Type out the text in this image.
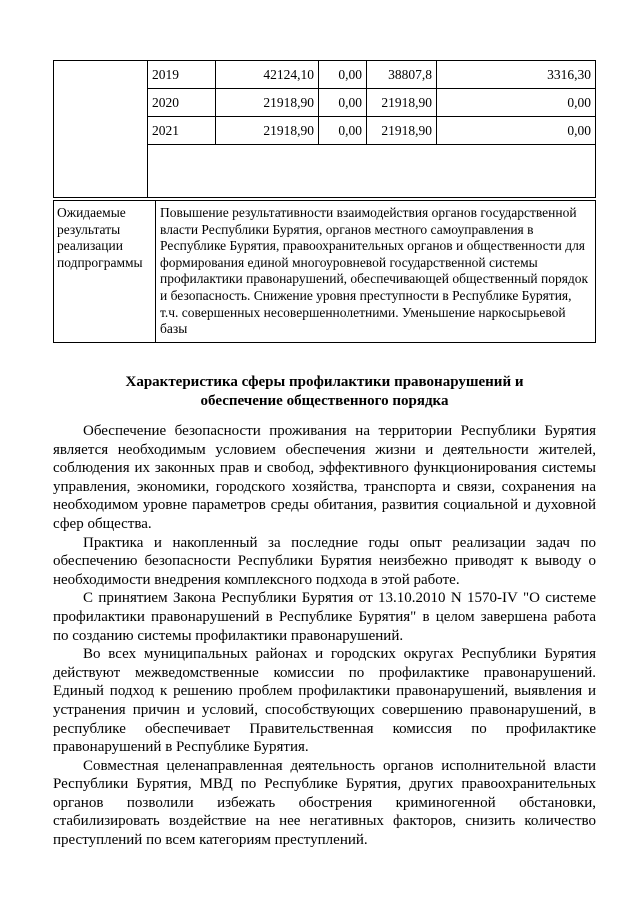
	2019	42124,10	0,00	38807,8	3316,30
	2020	21918,90	0,00	21918,90	0,00
	2021	21918,90	0,00	21918,90	0,00

Ожидаемые результаты реализации подпрограммы	Повышение результативности взаимодействия органов государственной власти Республики Бурятия, органов местного самоуправления в Республике Бурятия, правоохранительных органов и общественности для формирования единой многоуровневой государственной системы профилактики правонарушений, обеспечивающей общественный порядок и безопасность. Снижение уровня преступности в Республике Бурятия, т.ч. совершенных несовершеннолетними. Уменьшение наркосырьевой базы
Характеристика сферы профилактики правонарушений и
обеспечение общественного порядка

Обеспечение безопасности проживания на территории Республики Бурятия является необходимым условием обеспечения жизни и деятельности жителей, соблюдения их законных прав и свобод, эффективного функционирования системы управления, экономики, городского хозяйства, транспорта и связи, сохранения на необходимом уровне параметров среды обитания, развития социальной и духовной сфер общества.

Практика и накопленный за последние годы опыт реализации задач по обеспечению безопасности Республики Бурятия неизбежно приводят к выводу о необходимости внедрения комплексного подхода в этой работе.

С принятием Закона Республики Бурятия от 13.10.2010 N 1570-IV "О системе профилактики правонарушений в Республике Бурятия" в целом завершена работа по созданию системы профилактики правонарушений.

Во всех муниципальных районах и городских округах Республики Бурятия действуют межведомственные комиссии по профилактике правонарушений. Единый подход к решению проблем профилактики правонарушений, выявления и устранения причин и условий, способствующих совершению правонарушений, в республике обеспечивает Правительственная комиссия по профилактике правонарушений в Республике Бурятия.

Совместная целенаправленная деятельность органов исполнительной власти Республики Бурятия, МВД по Республике Бурятия, других правоохранительных органов позволили избежать обострения криминогенной обстановки, стабилизировать воздействие на нее негативных факторов, снизить количество преступлений по всем категориям преступлений.
